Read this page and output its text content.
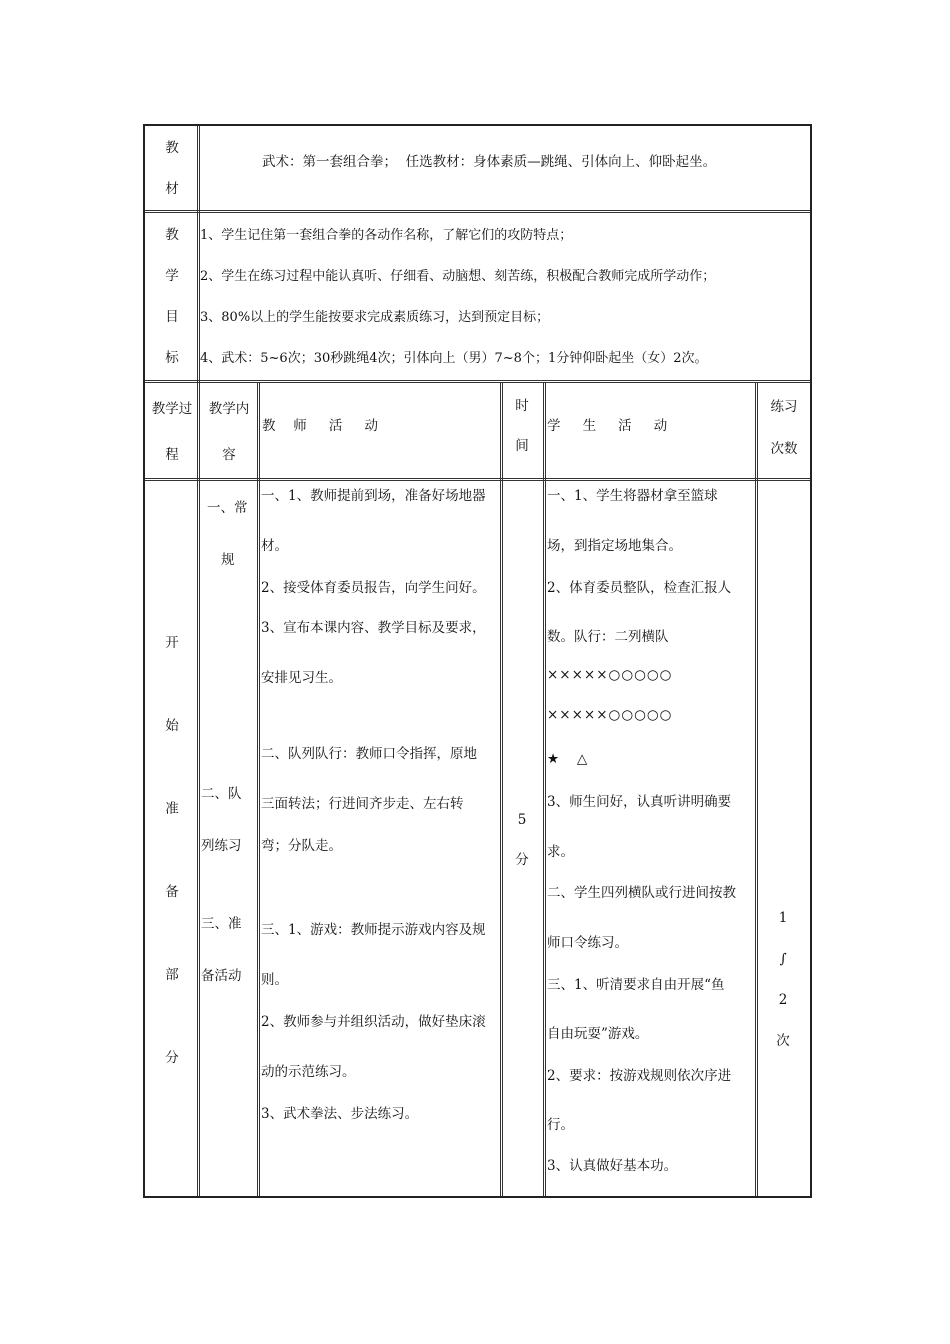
教
材
武术：第一套组合拳；  任选教材：身体素质—跳绳、引体向上、仰卧起坐。
教
学
目
标
1、学生记住第一套组合拳的各动作名称，了解它们的攻防特点；
2、学生在练习过程中能认真听、仔细看、动脑想、刻苦练，积极配合教师完成所学动作；
3、80%以上的学生能按要求完成素质练习，达到预定目标；
4、武术：5~6次；30秒跳绳4次；引体向上（男）7~8个；1分钟仰卧起坐（女）2次。
教学过
程
教学内
容
教　 师 　 活 　 动
时
间
学 　 生 　 活 　 动
练习
次数
开
始
准
备
部
分
一、常
规
二、队
列练习
三、准
备活动
一、1、教师提前到场，准备好场地器
材。
2、接受体育委员报告，向学生问好。
3、宣布本课内容、教学目标及要求，
安排见习生。
二、队列队行：教师口令指挥，原地
三面转法；行进间齐步走、左右转
弯；分队走。
三、1、游戏：教师提示游戏内容及规
则。
2、教师参与并组织活动，做好垫床滚
动的示范练习。
3、武术拳法、步法练习。
5
分
一、1、学生将器材拿至篮球
场，到指定场地集合。
2、体育委员整队，检查汇报人
数。队行：二列横队
×××××○○○○○
×××××○○○○○
★　 △
3、师生问好，认真听讲明确要
求。
二、学生四列横队或行进间按教
师口令练习。
三、1、听清要求自由开展“鱼
自由玩耍”游戏。
2、要求：按游戏规则依次序进
行。
3、认真做好基本功。
1
∫
2
次
